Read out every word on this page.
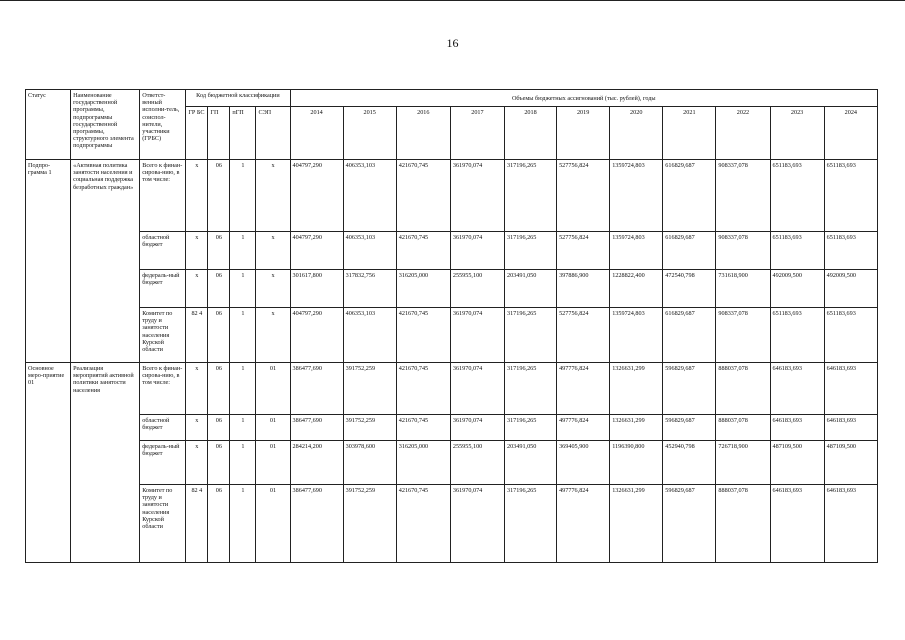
16
Статус	Наименование государственной программы, подпрограммы государственной программы, структурного элемента подпрограммы	Ответст-венный исполни-тель, соиспол-нители, участники (ГРБС)	Код бюджетной классификации				Объемы бюджетных ассигнований (тыс. рублей), годы										
			ГР БС	ГП	пГП	СЭП	2014	2015	2016	2017	2018	2019	2020	2021	2022	2023	2024
Подпро-грамма 1	«Активная политика занятости населения и социальная поддержка безработных граждан»	Всего к финан-сирова-нию, в том числе:	х	06	1	х	404797,290	406353,103	421670,745	361970,074	317196,265	527756,824	1359724,803	616829,687	908337,078	651183,693	651183,693
		областной бюджет	х	06	1	х	404797,290	406353,103	421670,745	361970,074	317196,265	527756,824	1359724,803	616829,687	908337,078	651183,693	651183,693
		федераль-ный бюджет	х	06	1	х	301617,800	317832,756	316205,000	255955,100	203491,050	397886,900	1228822,400	472540,798	731618,900	492009,500	492009,500
		Комитет по труду и занятости населения Курской области	82 4	06	1	х	404797,290	406353,103	421670,745	361970,074	317196,265	527756,824	1359724,803	616829,687	908337,078	651183,693	651183,693
Основное меро-приятие 01	Реализация мероприятий активной политики занятости населения	Всего к финан-сирова-нию, в том числе:	х	06	1	01	386477,690	391752,259	421670,745	361970,074	317196,265	497776,824	1326631,299	596829,687	888037,078	646183,693	646183,693
		областной бюджет	х	06	1	01	386477,690	391752,259	421670,745	361970,074	317196,265	497776,824	1326631,299	596829,687	888037,078	646183,693	646183,693
		федераль-ный бюджет	х	06	1	01	284214,200	303978,600	316205,000	255955,100	203491,050	369405,900	1196390,800	452940,798	726718,900	487109,500	487109,500
		Комитет по труду и занятости населения Курской области	82 4	06	1	01	386477,690	391752,259	421670,745	361970,074	317196,265	497776,824	1326631,299	596829,687	888037,078	646183,693	646183,693
